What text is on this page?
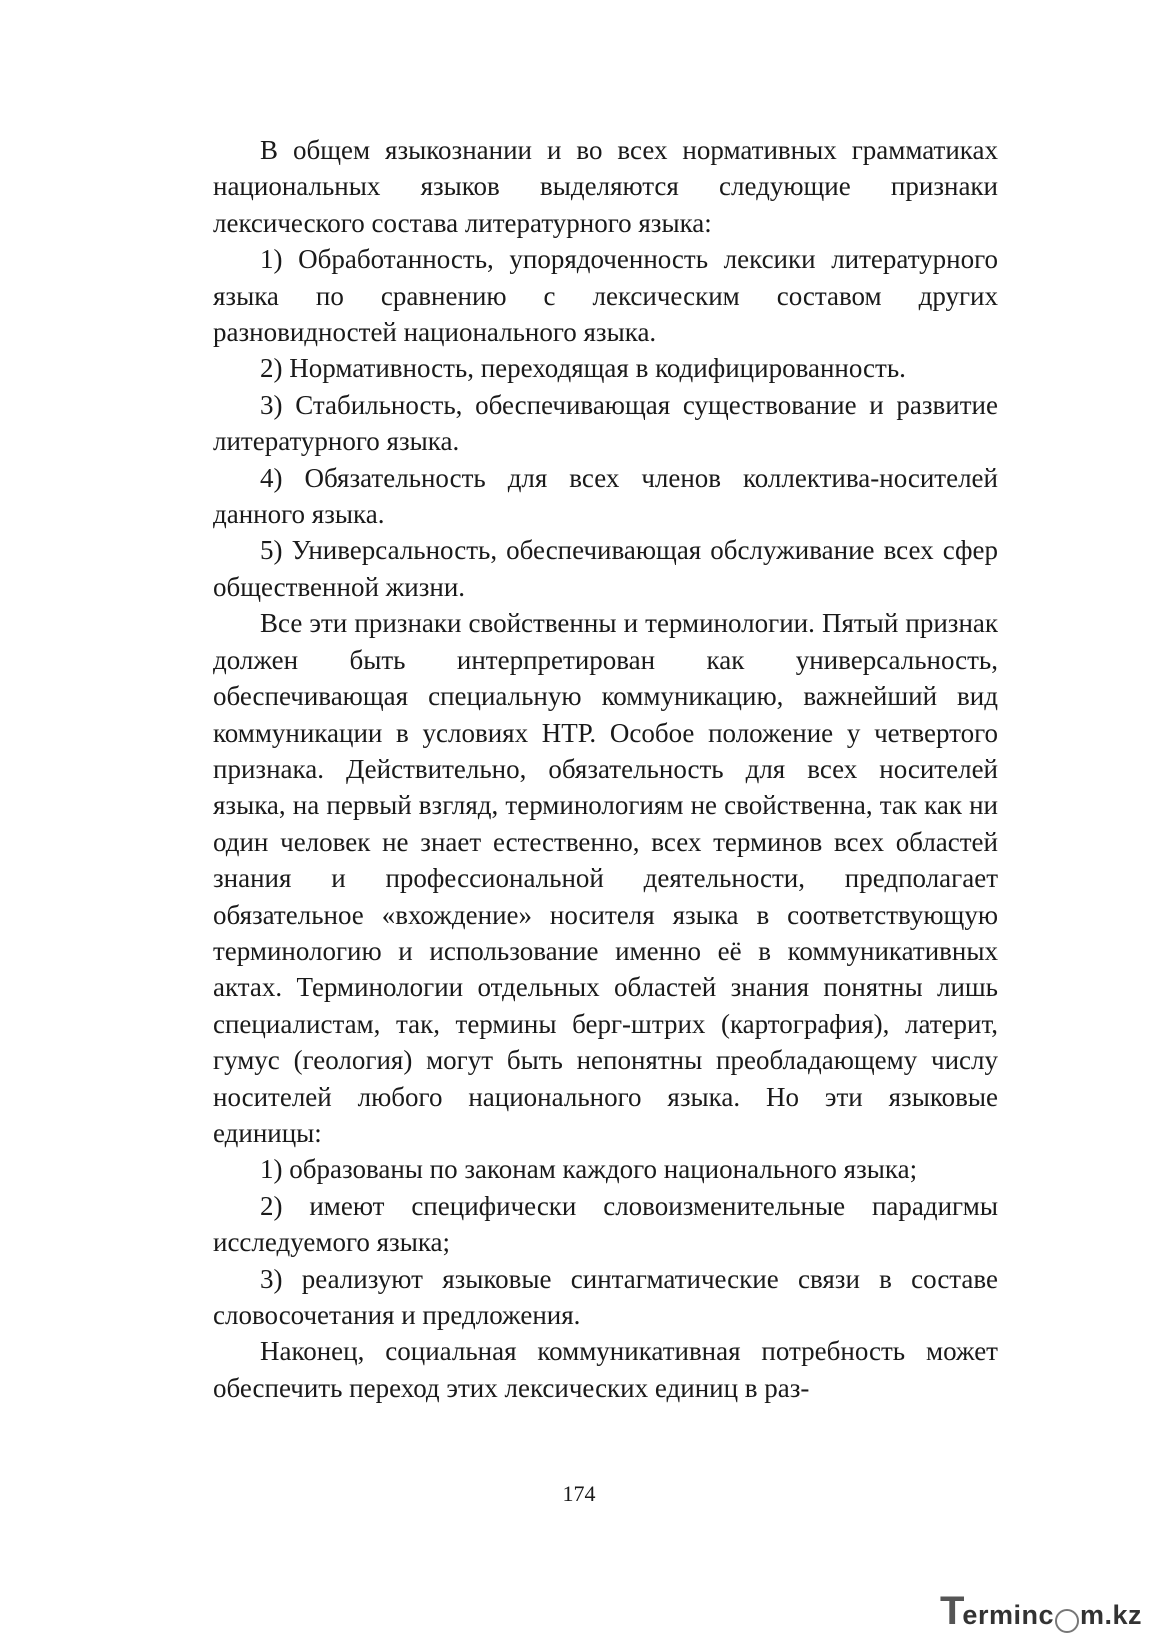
В общем языкознании и во всех нормативных грамматиках национальных языков выделяются следующие признаки лексического состава литературного языка:

1) Обработанность, упорядоченность лексики литературного языка по сравнению с лексическим составом других разновидностей национального языка.

2) Нормативность, переходящая в кодифицированность.

3) Стабильность, обеспечивающая существование и развитие литературного языка.

4) Обязательность для всех членов коллектива-носителей данного языка.

5) Универсальность, обеспечивающая обслуживание всех сфер общественной жизни.

Все эти признаки свойственны и терминологии. Пятый признак должен быть интерпретирован как универсальность, обеспечивающая специальную коммуникацию, важнейший вид коммуникации в условиях НТР. Особое положение у четвертого признака. Действительно, обязательность для всех носителей языка, на первый взгляд, терминологиям не свойственна, так как ни один человек не знает естественно, всех терминов всех областей знания и профессиональной деятельности, предполагает обязательное «вхождение» носителя языка в соответствующую терминологию и использование именно её в коммуникативных актах. Терминологии отдельных областей знания понятны лишь специалистам, так, термины берг-штрих (картография), латерит, гумус (геология) могут быть непонятны преобладающему числу носителей любого национального языка. Но эти языковые единицы:

1) образованы по законам каждого национального языка;

2) имеют специфически словоизменительные парадигмы исследуемого языка;

3) реализуют языковые синтагматические связи в составе словосочетания и предложения.

Наконец, социальная коммуникативная потребность может обеспечить переход этих лексических единиц в раз-

174
T
erminc m.kz
